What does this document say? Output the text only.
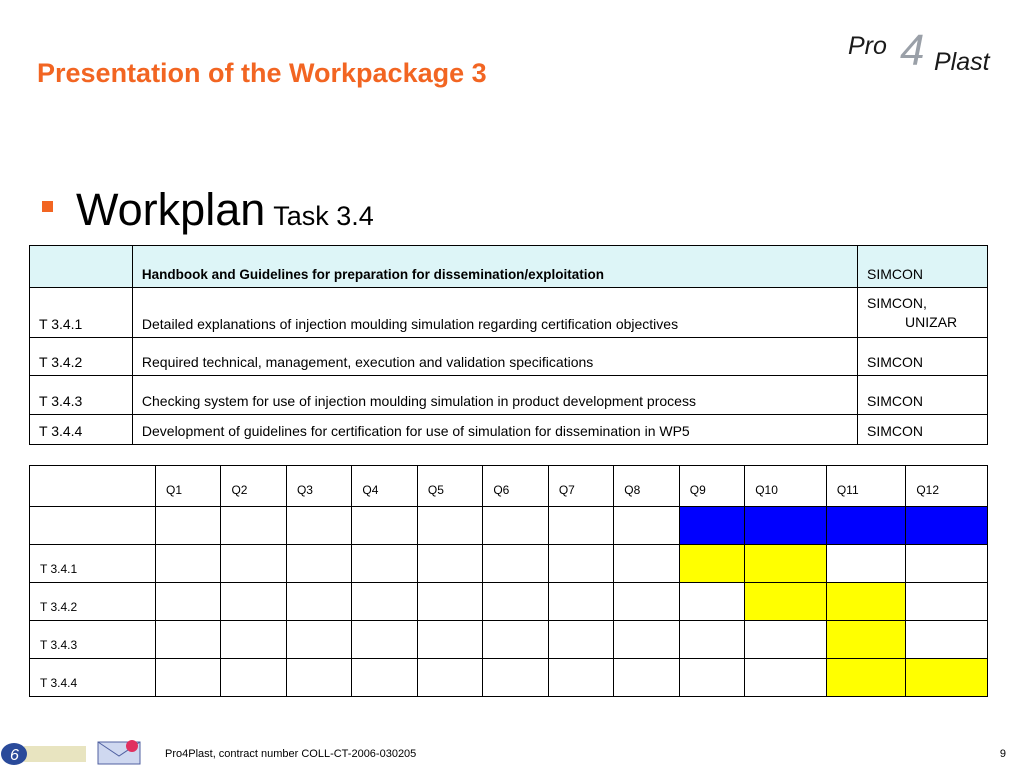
Presentation of the Workpackage 3
Pro 4 Plast
Workplan Task 3.4
	Handbook and Guidelines for preparation for dissemination/exploitation	SIMCON
T 3.4.1	Detailed explanations of injection moulding simulation regarding certification objectives	SIMCON,
UNIZAR

T 3.4.2	Required technical, management, execution and validation specifications	SIMCON
T 3.4.3	Checking system for use of injection moulding simulation in product development process	SIMCON
T 3.4.4	Development of guidelines for certification for use of simulation for dissemination in WP5	SIMCON
	Q1	Q2	Q3	Q4	Q5	Q6	Q7	Q8	Q9	Q10	Q11	Q12

T 3.4.1												
T 3.4.2												
T 3.4.3												
T 3.4.4												
6	Pro4Plast, contract number COLL-CT-2006-030205	9
